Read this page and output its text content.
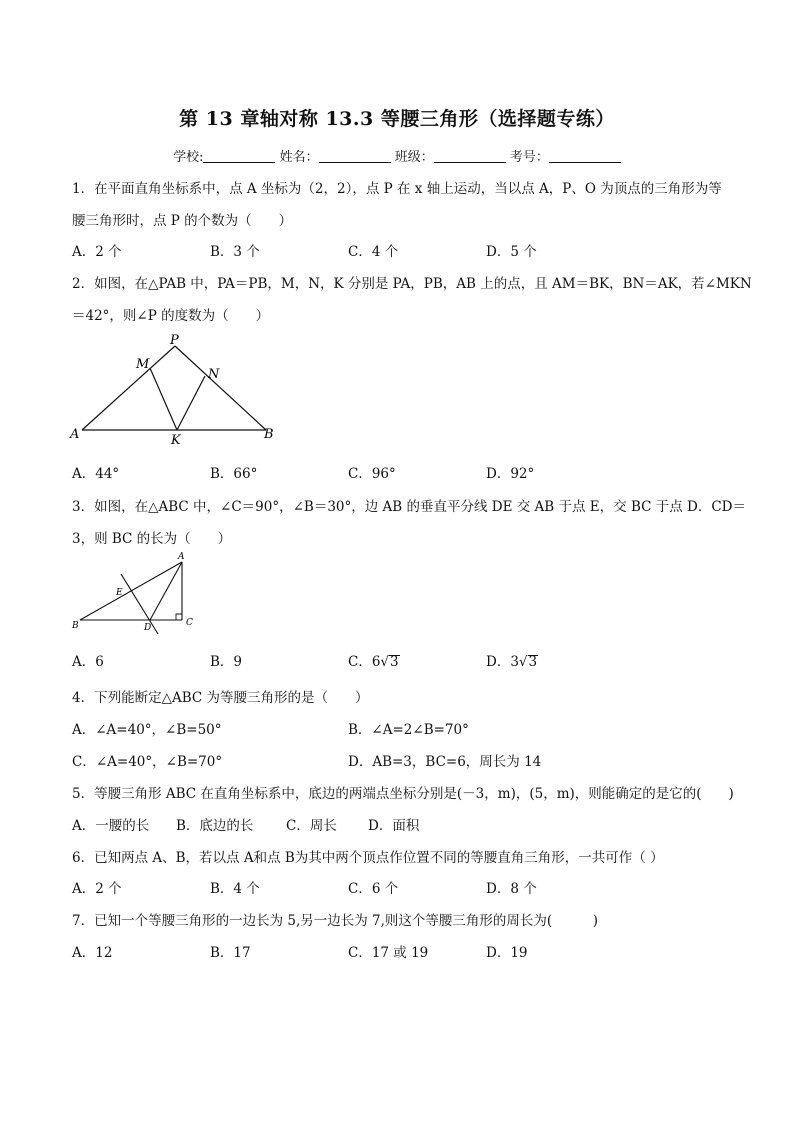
第 13 章轴对称 13.3 等腰三角形（选择题专练）
学校:	姓名：	班级：	考号：
1．在平面直角坐标系中，点 A 坐标为（2，2），点 P 在 x 轴上运动，当以点 A，P、O 为顶点的三角形为等
腰三角形时，点 P 的个数为（　　）
A．2 个	B．3 个	C．4 个	D．5 个
2．如图，在△PAB 中，PA＝PB，M，N，K 分别是 PA，PB，AB 上的点，且 AM＝BK，BN＝AK，若∠MKN
＝42°，则∠P 的度数为（　　）
P
M
N
A	K	B
A．44°	B．66°	C．96°	D．92°
3．如图，在△ABC 中，∠C＝90°，∠B＝30°，边 AB 的垂直平分线 DE 交 AB 于点 E，交 BC 于点 D．CD＝
3，则 BC 的长为（　　）
A
E
B	D	C
A．6	B．9	C．6√3	D．3√3
4．下列能断定△ABC 为等腰三角形的是（　　）
A．∠A=40°，∠B=50°	B．∠A=2∠B=70°
C．∠A=40°，∠B=70°	D．AB=3，BC=6，周长为 14
5．等腰三角形 ABC 在直角坐标系中，底边的两端点坐标分别是(－3，m)，(5，m)，则能确定的是它的(　　)
A．一腰的长 B．底边的长 C．周长 D．面积
6．已知两点 A、B，若以点 A和点 B为其中两个顶点作位置不同的等腰直角三角形，一共可作（ ）
A．2 个	B．4 个	C．6 个	D．8 个
7．已知一个等腰三角形的一边长为 5,另一边长为 7,则这个等腰三角形的周长为(　　　)
A．12	B．17	C．17 或 19	D．19
